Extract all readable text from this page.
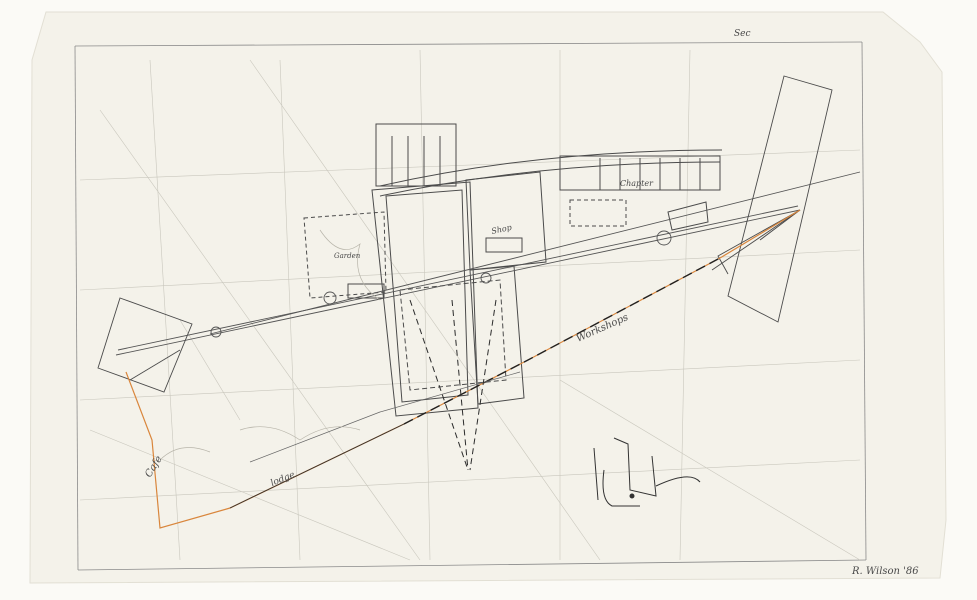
Sec
Cafe	lodge
Workshops
Shop
Chapter
Garden
R. Wilson '86
